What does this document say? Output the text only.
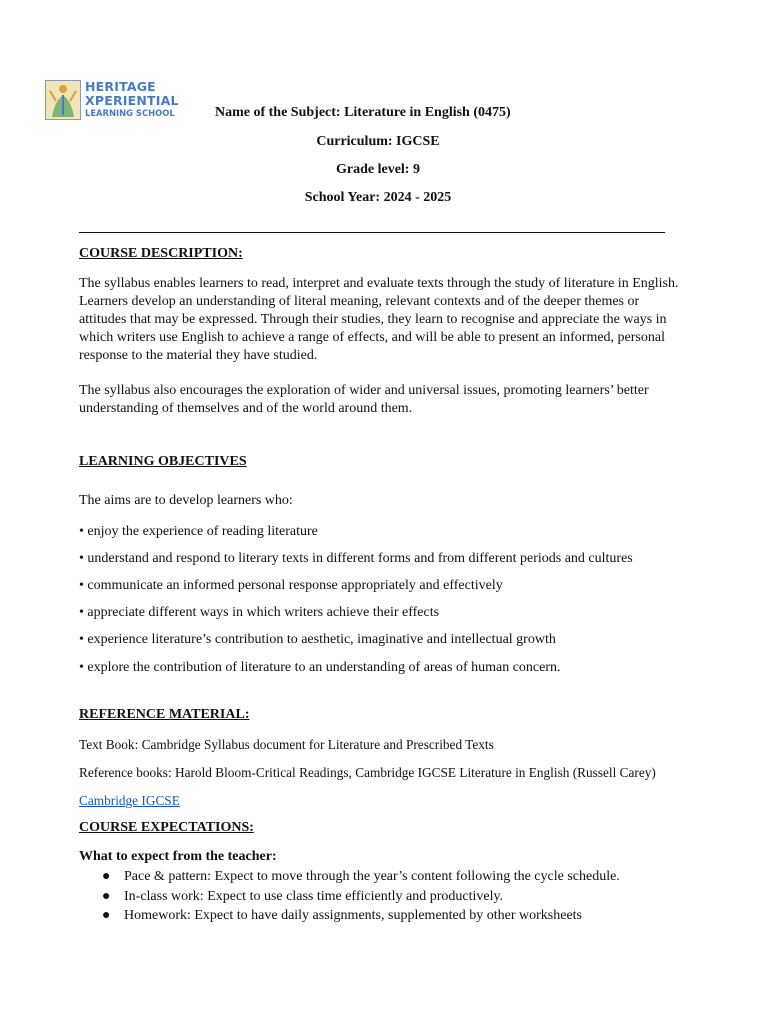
HERITAGE
XPERIENTIAL
LEARNING SCHOOL	Name of the Subject: Literature in English (0475)
Curriculum: IGCSE
Grade level: 9
School Year: 2024 - 2025
COURSE DESCRIPTION:
The syllabus enables learners to read, interpret and evaluate texts through the study of literature in English. Learners develop an understanding of literal meaning, relevant contexts and of the deeper themes or attitudes that may be expressed. Through their studies, they learn to recognise and appreciate the ways in which writers use English to achieve a range of effects, and will be able to present an informed, personal response to the material they have studied.
The syllabus also encourages the exploration of wider and universal issues, promoting learners’ better understanding of themselves and of the world around them.
LEARNING OBJECTIVES
The aims are to develop learners who:
• enjoy the experience of reading literature
• understand and respond to literary texts in different forms and from different periods and cultures
• communicate an informed personal response appropriately and effectively
• appreciate different ways in which writers achieve their effects
• experience literature’s contribution to aesthetic, imaginative and intellectual growth
• explore the contribution of literature to an understanding of areas of human concern.
REFERENCE MATERIAL:
Text Book: Cambridge Syllabus document for Literature and Prescribed Texts
Reference books: Harold Bloom-Critical Readings, Cambridge IGCSE Literature in English (Russell Carey)
Cambridge IGCSE
COURSE EXPECTATIONS:
What to expect from the teacher:
● Pace & pattern: Expect to move through the year’s content following the cycle schedule.
● In-class work: Expect to use class time efficiently and productively.
● Homework: Expect to have daily assignments, supplemented by other worksheets
